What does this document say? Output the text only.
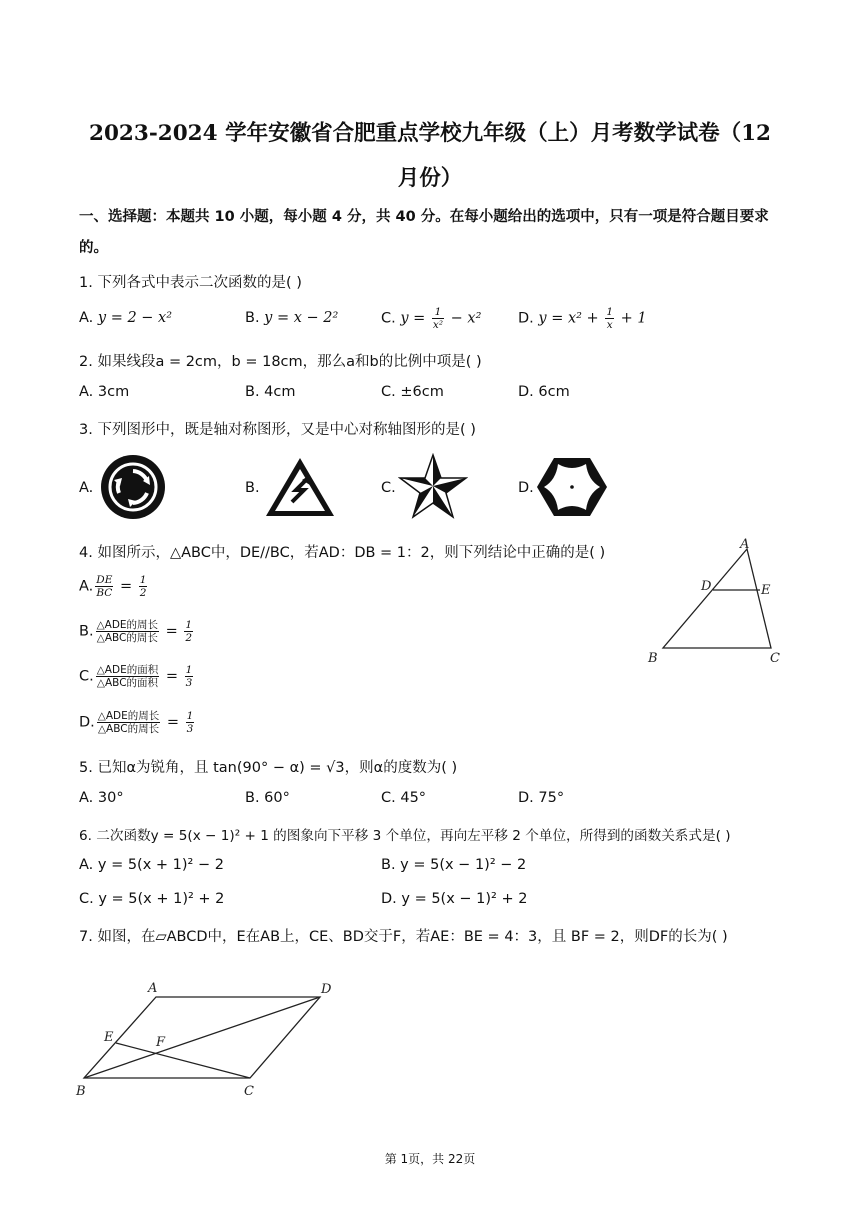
2023-2024 学年安徽省合肥重点学校九年级（上）月考数学试卷（12
月份）
一、选择题：本题共 10 小题，每小题 4 分，共 40 分。在每小题给出的选项中，只有一项是符合题目要求
的。
1. 下列各式中表示二次函数的是( )
A. y = 2 − x²	B. y = x − 2²	C. $y = \frac{1}{\text{x²}} - x^2$	D. $y = x^2 + \frac{1}{x} + 1$
2. 如果线段a = 2cm，b = 18cm，那么a和b的比例中项是( )
A. 3cm	B. 4cm	C. ±6cm	D. 6cm
3. 下列图形中，既是轴对称图形，又是中心对称轴图形的是( )
A.	B.	C.	D.
4. 如图所示，△ABC中，DE//BC，若AD：DB = 1：2，则下列结论中正确的是( )
A. $\frac{DE}{BC} = \frac{1}{2}$
B. $\frac{\text{△ADE的周长}}{\text{△ABC的周长}} = \frac{1}{2}$
C. $\frac{\text{△ADE的面积}}{\text{△ABC的面积}} = \frac{1}{3}$
D. $\frac{\text{△ADE的周长}}{\text{△ABC的周长}} = \frac{1}{3}$
A
D	E
B	C
5. 已知α为锐角，且 tan(90° − α) = √3，则α的度数为( )
A. 30°	B. 60°	C. 45°	D. 75°
6. 二次函数y = 5(x − 1)² + 1 的图象向下平移 3 个单位，再向左平移 2 个单位，所得到的函数关系式是( )
A. y = 5(x + 1)² − 2	B. y = 5(x − 1)² − 2
C. y = 5(x + 1)² + 2	D. y = 5(x − 1)² + 2
7. 如图，在▱ABCD中，E在AB上，CE、BD交于F，若AE：BE = 4：3，且 BF = 2，则DF的长为( )
A	D
E	F
B	C
第 1页，共 22页
